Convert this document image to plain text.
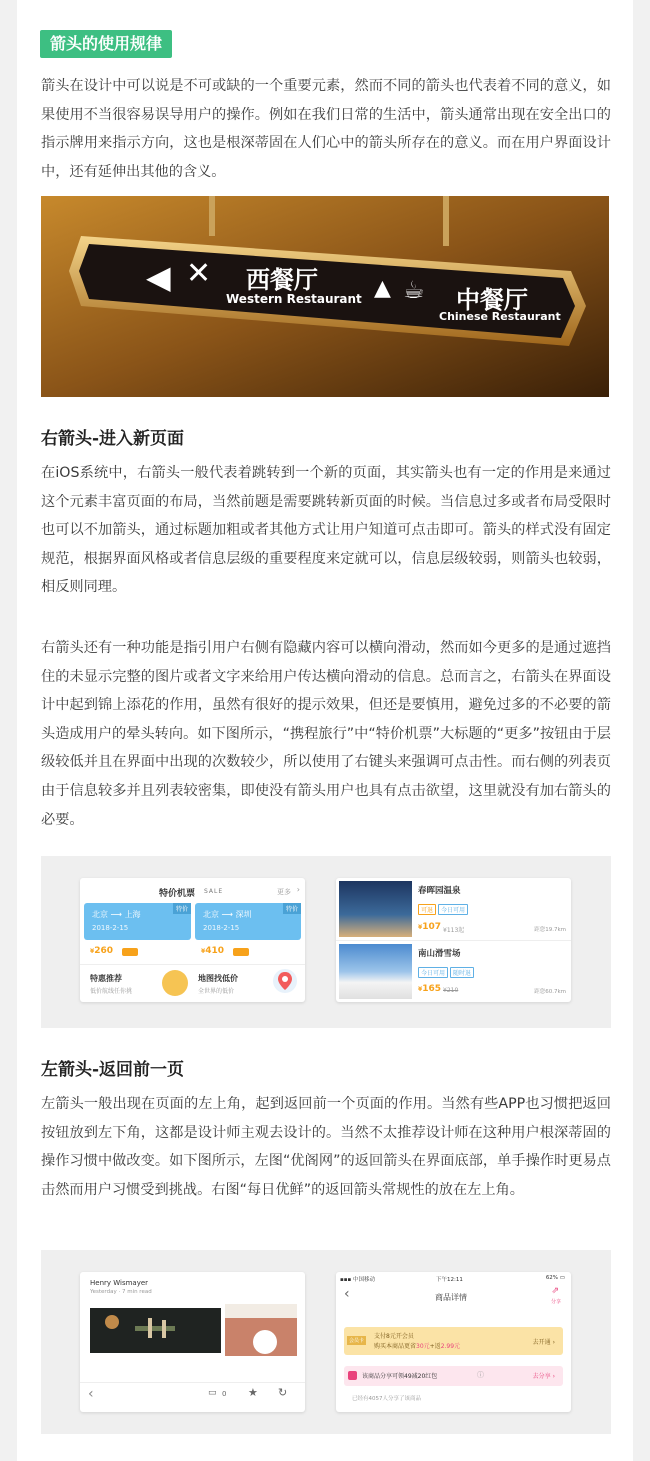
箭头的使用规律

箭头在设计中可以说是不可或缺的一个重要元素，然而不同的箭头也代表着不同的意义，如果使用不当很容易误导用户的操作。例如在我们日常的生活中，箭头通常出现在安全出口的指示牌用来指示方向，这也是根深蒂固在人们心中的箭头所存在的意义。而在用户界面设计中，还有延伸出其他的含义。

◀ ✕ 西餐厅
Western Restaurant ▲ ☕ 中餐厅
Chinese Restaurant
右箭头-进入新页面

在iOS系统中，右箭头一般代表着跳转到一个新的页面，其实箭头也有一定的作用是来通过这个元素丰富页面的布局，当然前题是需要跳转新页面的时候。当信息过多或者布局受限时也可以不加箭头，通过标题加粗或者其他方式让用户知道可点击即可。箭头的样式没有固定规范，根据界面风格或者信息层级的重要程度来定就可以，信息层级较弱，则箭头也较弱，相反则同理。

右箭头还有一种功能是指引用户右侧有隐藏内容可以横向滑动，然而如今更多的是通过遮挡住的未显示完整的图片或者文字来给用户传达横向滑动的信息。总而言之，右箭头在界面设计中起到锦上添花的作用，虽然有很好的提示效果，但还是要慎用，避免过多的不必要的箭头造成用户的晕头转向。如下图所示，“携程旅行”中“特价机票”大标题的“更多”按钮由于层级较低并且在界面中出现的次数较少，所以使用了右键头来强调可点击性。而右侧的列表页由于信息较多并且列表较密集，即使没有箭头用户也具有点击欲望，这里就没有加右箭头的必要。

特价机票 SALE	更多 ›
特价
北京 ⟶ 上海
2018-2-15
特价
北京 ⟶ 深圳
2018-2-15
¥260	¥410
特惠推荐
低价航线任你挑
地图找低价
全世界的低价
春晖园温泉
可退 今日可用
¥107 ¥113起	距您19.7km
南山滑雪场
今日可用 随时退
¥165 ¥210	距您60.7km
左箭头-返回前一页

左箭头一般出现在页面的左上角，起到返回前一个页面的作用。当然有些APP也习惯把返回按钮放到左下角，这都是设计师主观去设计的。当然不太推荐设计师在这种用户根深蒂固的操作习惯中做改变。如下图所示，左图“优阁网”的返回箭头在界面底部，单手操作时更易点击然而用户习惯受到挑战。右图“每日优鲜”的返回箭头常规性的放在左上角。

Henry Wismayer
Yesterday · 7 min read
‹	▭ 0 ★ ↻
▪▪▪ 中国移动	下午12:11	62% ▭
‹	商品详情
⇗
分享
会员卡
支付8元开会员
购买本商品更省30元+返2.99元
去开通 ›
该商品分享可领49减20红包	ⓘ	去分享 ›
已经有4057人分享了该商品
